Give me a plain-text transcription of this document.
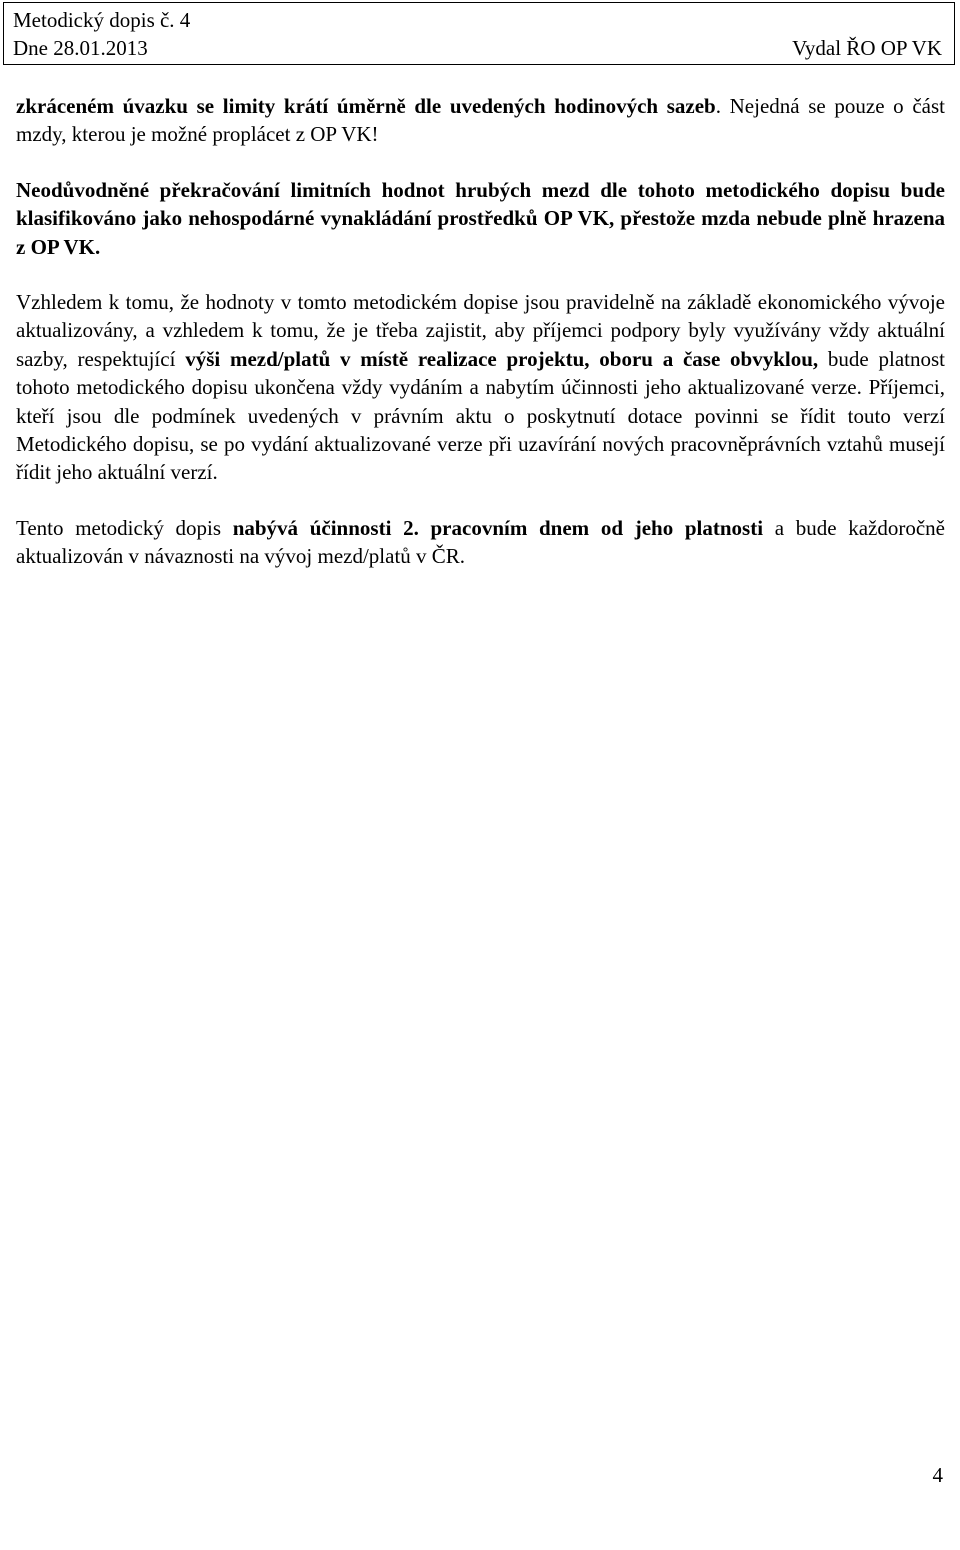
Metodický dopis č. 4
Dne 28.01.2013	Vydal ŘO OP VK

zkráceném úvazku se limity krátí úměrně dle uvedených hodinových sazeb. Nejedná se pouze o část mzdy, kterou je možné proplácet z OP VK!

Neodůvodněné překračování limitních hodnot hrubých mezd dle tohoto metodického dopisu bude klasifikováno jako nehospodárné vynakládání prostředků OP VK, přestože mzda nebude plně hrazena z OP VK.

Vzhledem k tomu, že hodnoty v tomto metodickém dopise jsou pravidelně na základě ekonomického vývoje aktualizovány, a vzhledem k tomu, že je třeba zajistit, aby příjemci podpory byly využívány vždy aktuální sazby, respektující výši mezd/platů v místě realizace projektu, oboru a čase obvyklou, bude platnost tohoto metodického dopisu ukončena vždy vydáním a nabytím účinnosti jeho aktualizované verze. Příjemci, kteří jsou dle podmínek uvedených v právním aktu o poskytnutí dotace povinni se řídit touto verzí Metodického dopisu, se po vydání aktualizované verze při uzavírání nových pracovněprávních vztahů musejí řídit jeho aktuální verzí.

Tento metodický dopis nabývá účinnosti 2. pracovním dnem od jeho platnosti a bude každoročně aktualizován v návaznosti na vývoj mezd/platů v ČR.

4
